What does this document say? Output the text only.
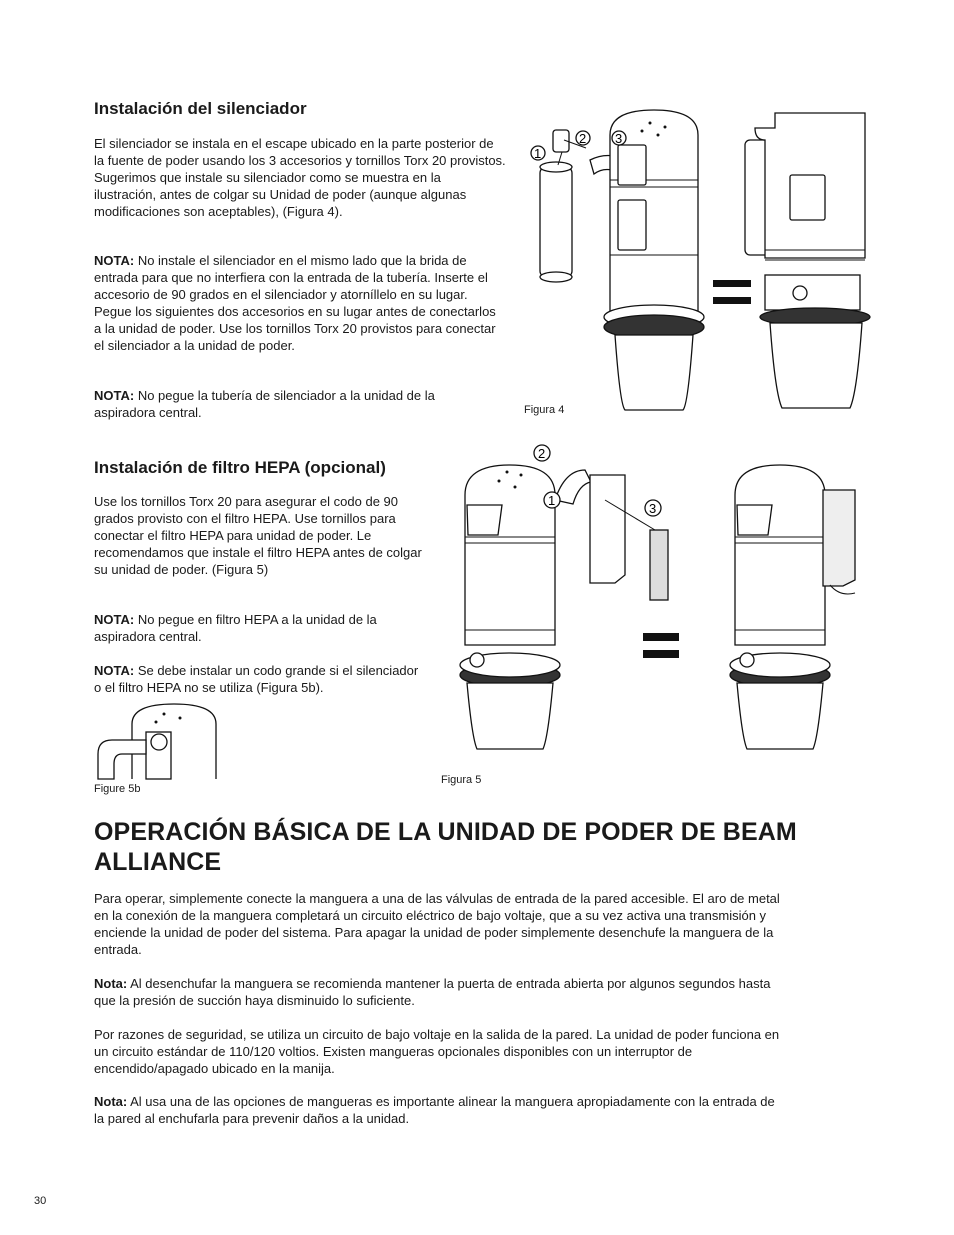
Instalación del silenciador

El silenciador se instala en el escape ubicado en la parte posterior de la fuente de poder usando los 3 accesorios y tornillos Torx 20 provistos. Sugerimos que instale su silenciador como se muestra en la ilustración, antes de colgar su Unidad de poder (aunque algunas modificaciones son aceptables), (Figura 4).

NOTA: No instale el silenciador en el mismo lado que la brida de entrada para que no interfiera con la entrada de la tubería. Inserte el accesorio de 90 grados en el silenciador y atorníllelo en su lugar. Pegue los siguientes dos accesorios en su lugar antes de conectarlos a la unidad de poder. Use los tornillos Torx 20 provistos para conectar el silenciador a la unidad de poder.

NOTA: No pegue la tubería de silenciador a la unidad de la aspiradora central.

1
2 3
Figura 4
Instalación de filtro HEPA (opcional)

Use los tornillos Torx 20 para asegurar el codo de 90 grados provisto con el filtro HEPA. Use tornillos para conectar el filtro HEPA para unidad de poder. Le recomendamos que instale el filtro HEPA antes de colgar su unidad de poder. (Figura 5)

NOTA: No pegue en filtro HEPA a la unidad de la aspiradora central.

NOTA: Se debe instalar un codo grande si el silenciador o el filtro HEPA no se utiliza (Figura 5b).

Figure 5b
2
1
3
Figura 5
OPERACIÓN BÁSICA DE LA UNIDAD DE PODER DE BEAM ALLIANCE

Para operar, simplemente conecte la manguera a una de las válvulas de entrada de la pared accesible. El aro de metal en la conexión de la manguera completará un circuito eléctrico de bajo voltaje, que a su vez activa una transmisión y enciende la unidad de poder del sistema. Para apagar la unidad de poder simplemente desenchufe la manguera de la entrada.

Nota: Al desenchufar la manguera se recomienda mantener la puerta de entrada abierta por algunos segundos hasta que la presión de succión haya disminuido lo suficiente.

Por razones de seguridad, se utiliza un circuito de bajo voltaje en la salida de la pared. La unidad de poder funciona en un circuito estándar de 110/120 voltios. Existen mangueras opcionales disponibles con un interruptor de encendido/apagado ubicado en la manija.

Nota: Al usa una de las opciones de mangueras es importante alinear la manguera apropiadamente con la entrada de la pared al enchufarla para prevenir daños a la unidad.

30
